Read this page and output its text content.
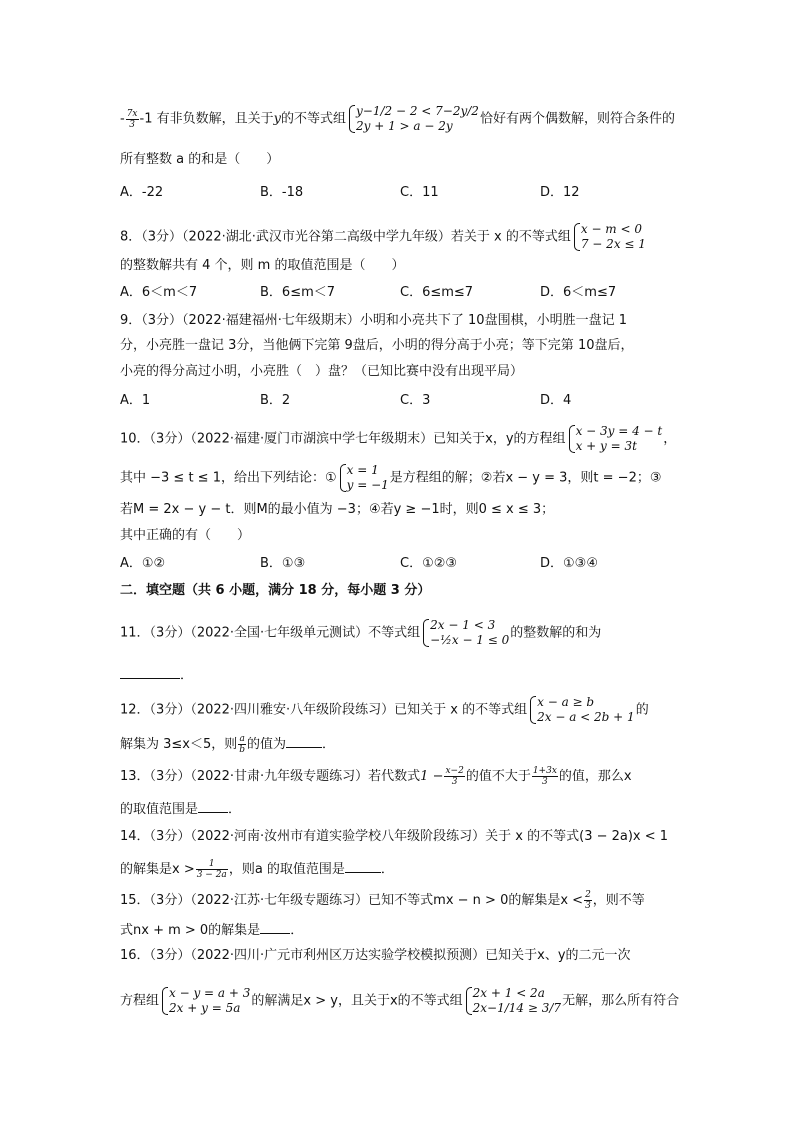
- $\frac{7x}{3} -1$ 有非负数解，且关于y的不等式组
y−1/2 − 2 < 7−2y/2
2y + 1 > a − 2y	恰好有两个偶数解，则符合条件的
所有整数 a 的和是（　　）
A．-22	B．-18	C．11	D．12
8．（3分）（2022·湖北·武汉市光谷第二高级中学九年级）若关于 x 的不等式组
x − m < 0
7 − 2x ≤ 1
的整数解共有 4 个，则 m 的取值范围是（　　）
A．6＜m＜7	B．6≤m＜7	C．6≤m≤7	D．6＜m≤7
9．（3分）（2022·福建福州·七年级期末）小明和小亮共下了 10盘围棋，小明胜一盘记 1
分，小亮胜一盘记 3分，当他俩下完第 9盘后，小明的得分高于小亮；等下完第 10盘后，
小亮的得分高过小明，小亮胜（　）盘？（已知比赛中没有出现平局）
A．1	B．2	C．3	D．4
10．（3分）（2022·福建·厦门市湖滨中学七年级期末）已知关于x，y的方程组
x − 3y = 4 − t
x + y = 3t	，
其中 −3 ≤ t ≤ 1，给出下列结论：①
x = 1
y = −1 是方程组的解；②若x − y = 3，则t = −2；③
若M = 2x − y − t．则M的最小值为 −3；④若y ≥ −1时，则0 ≤ x ≤ 3；
其中正确的有（　　）
A．①②	B．①③	C．①②③	D．①③④
二．填空题（共 6 小题，满分 18 分，每小题 3 分）
11．（3分）（2022·全国·七年级单元测试）不等式组
2x − 1 < 3
−½x − 1 ≤ 0 的整数解的和为
．
12．（3分）（2022·四川雅安·八年级阶段练习）已知关于 x 的不等式组
x − a ≥ b
2x − a < 2b + 1 的
解集为 3≤x＜5，则 $\frac{a}{b}$ 的值为	．
13．（3分）（2022·甘肃·九年级专题练习）若代数式$1 - \frac{x-2}{3}$ 的值不大于 $\frac{1+3x}{3}$ 的值，那么x
的取值范围是 ．
14．（3分）（2022·河南·汝州市有道实验学校八年级阶段练习）关于 x 的不等式(3 − 2a)x < 1
的解集是$x > \frac{1}{3 - 2a}$ ，则a 的取值范围是	．
15．（3分）（2022·江苏·七年级专题练习）已知不等式mx − n > 0的解集是$x < \frac{2}{3}$ ，则不等
式nx + m > 0的解集是 ．
16．（3分）（2022·四川·广元市利州区万达实验学校模拟预测）已知关于x、y的二元一次
方程组
x − y = a + 3
2x + y = 5a 的解满足x > y，且关于x的不等式组
2x + 1 < 2a
2x−1/14 ≥ 3/7 无解，那么所有符合
